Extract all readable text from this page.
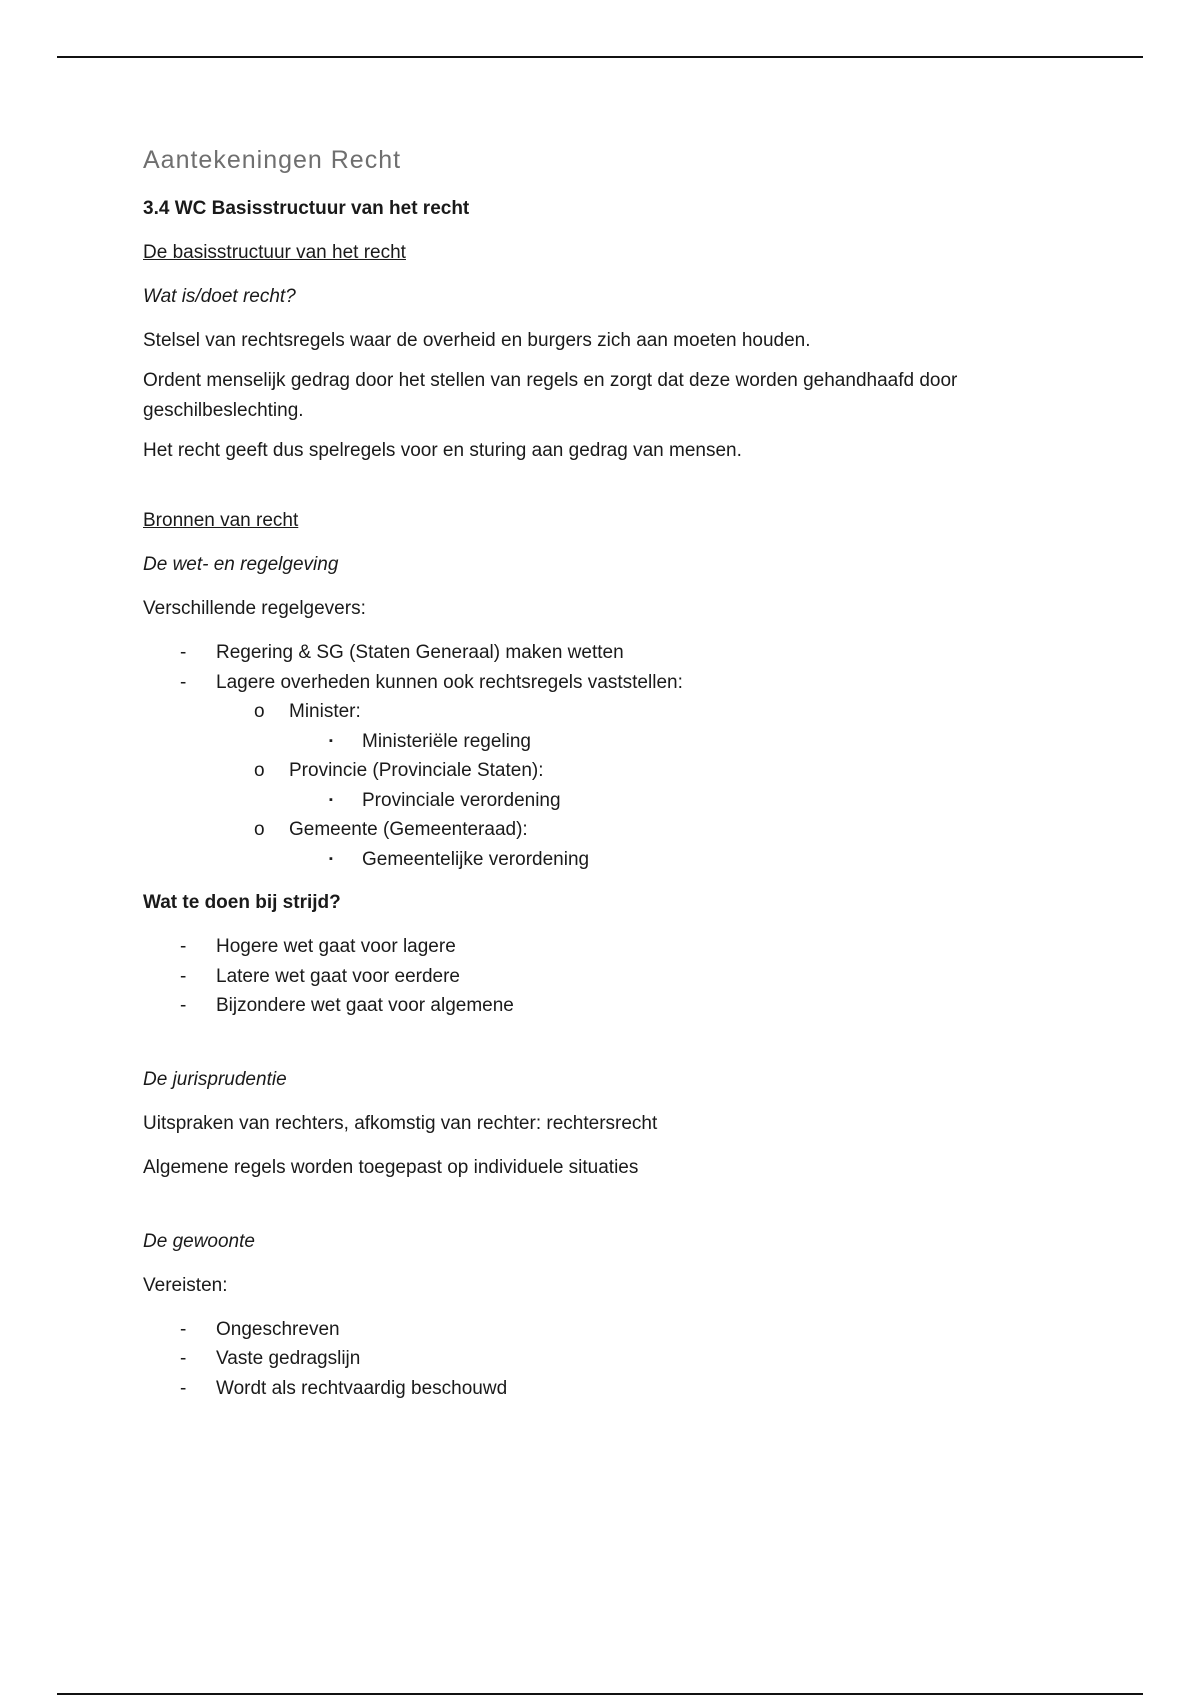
Aantekeningen Recht

3.4 WC Basisstructuur van het recht

De basisstructuur van het recht

Wat is/doet recht?

Stelsel van rechtsregels waar de overheid en burgers zich aan moeten houden.

Ordent menselijk gedrag door het stellen van regels en zorgt dat deze worden gehandhaafd door geschilbeslechting.

Het recht geeft dus spelregels voor en sturing aan gedrag van mensen.

Bronnen van recht

De wet- en regelgeving

Verschillende regelgevers:

- Regering & SG (Staten Generaal) maken wetten
- Lagere overheden kunnen ook rechtsregels vaststellen:
o Minister:
▪ Ministeriële regeling
o Provincie (Provinciale Staten):
▪ Provinciale verordening
o Gemeente (Gemeenteraad):
▪ Gemeentelijke verordening

Wat te doen bij strijd?

- Hogere wet gaat voor lagere
- Latere wet gaat voor eerdere
- Bijzondere wet gaat voor algemene

De jurisprudentie

Uitspraken van rechters, afkomstig van rechter: rechtersrecht

Algemene regels worden toegepast op individuele situaties

De gewoonte

Vereisten:

- Ongeschreven
- Vaste gedragslijn
- Wordt als rechtvaardig beschouwd
